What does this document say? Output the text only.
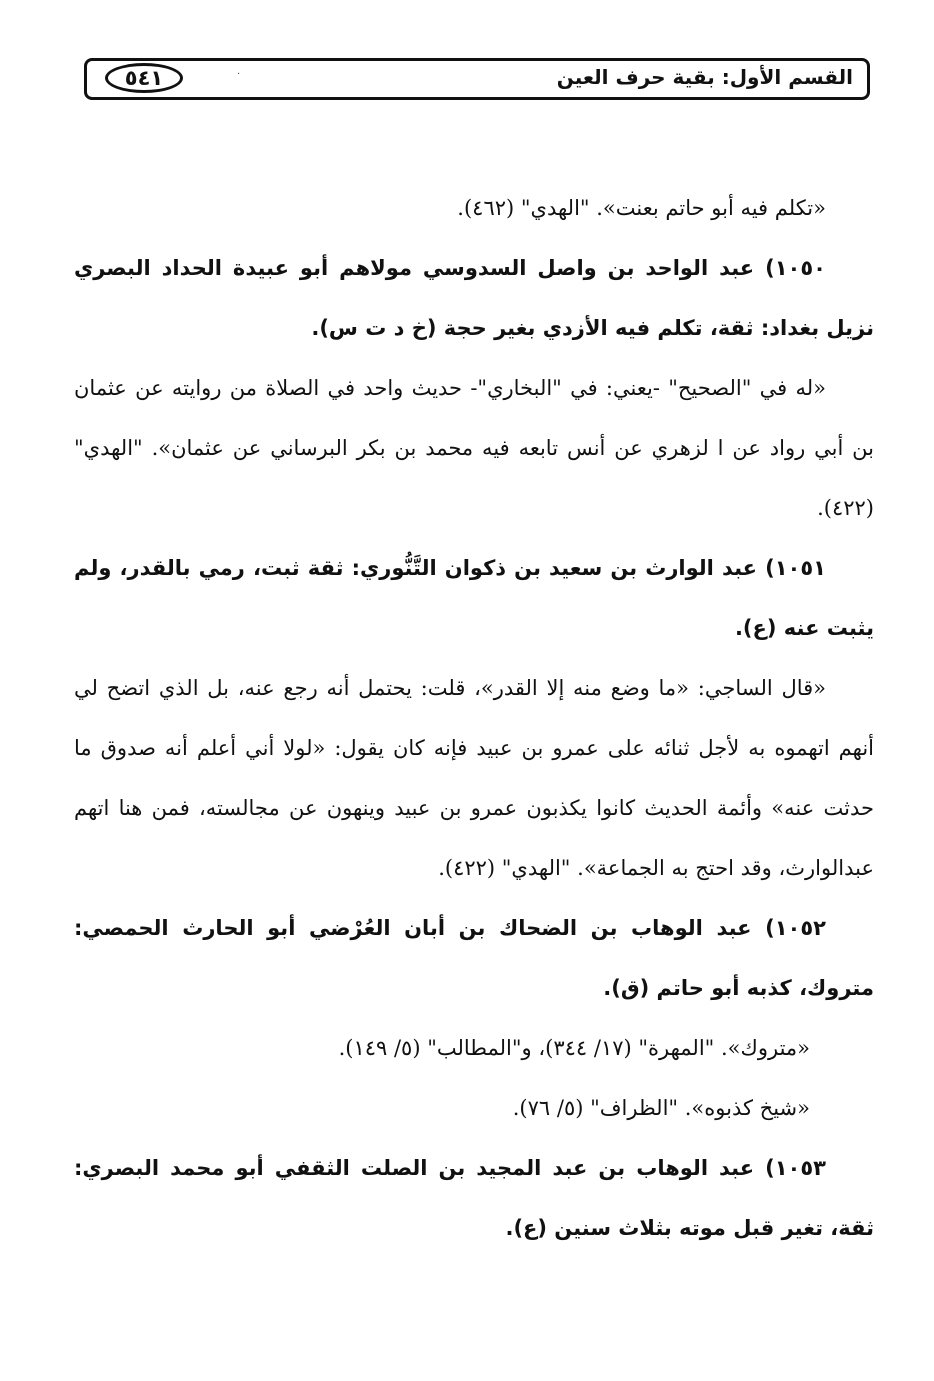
القسم الأول: بقية حرف العين
·
٥٤١

«تكلم فيه أبو حاتم بعنت». "الهدي" (٤٦٢).

١٠٥٠) عبد الواحد بن واصل السدوسي مولاهم أبو عبيدة الحداد البصري نزيل بغداد: ثقة، تكلم فيه الأزدي بغير حجة (خ د ت س).

«له في "الصحيح" -يعني: في "البخاري"- حديث واحد في الصلاة من روايته عن عثمان بن أبي رواد عن ا لزهري عن أنس تابعه فيه محمد بن بكر البرساني عن عثمان». "الهدي" (٤٢٢).

١٠٥١) عبد الوارث بن سعيد بن ذكوان التَّنُّوري: ثقة ثبت، رمي بالقدر، ولم يثبت عنه (ع).

«قال الساجي: «ما وضع منه إلا القدر»، قلت: يحتمل أنه رجع عنه، بل الذي اتضح لي أنهم اتهموه به لأجل ثنائه على عمرو بن عبيد فإنه كان يقول: «لولا أني أعلم أنه صدوق ما حدثت عنه» وأئمة الحديث كانوا يكذبون عمرو بن عبيد وينهون عن مجالسته، فمن هنا اتهم عبدالوارث، وقد احتج به الجماعة». "الهدي" (٤٢٢).

١٠٥٢) عبد الوهاب بن الضحاك بن أبان العُرْضي أبو الحارث الحمصي: متروك، كذبه أبو حاتم (ق).

«متروك». "المهرة" (١٧/ ٣٤٤)، و"المطالب" (٥/ ١٤٩).

«شيخ كذبوه». "الظراف" (٥/ ٧٦).

١٠٥٣) عبد الوهاب بن عبد المجيد بن الصلت الثقفي أبو محمد البصري: ثقة، تغير قبل موته بثلاث سنين (ع).
